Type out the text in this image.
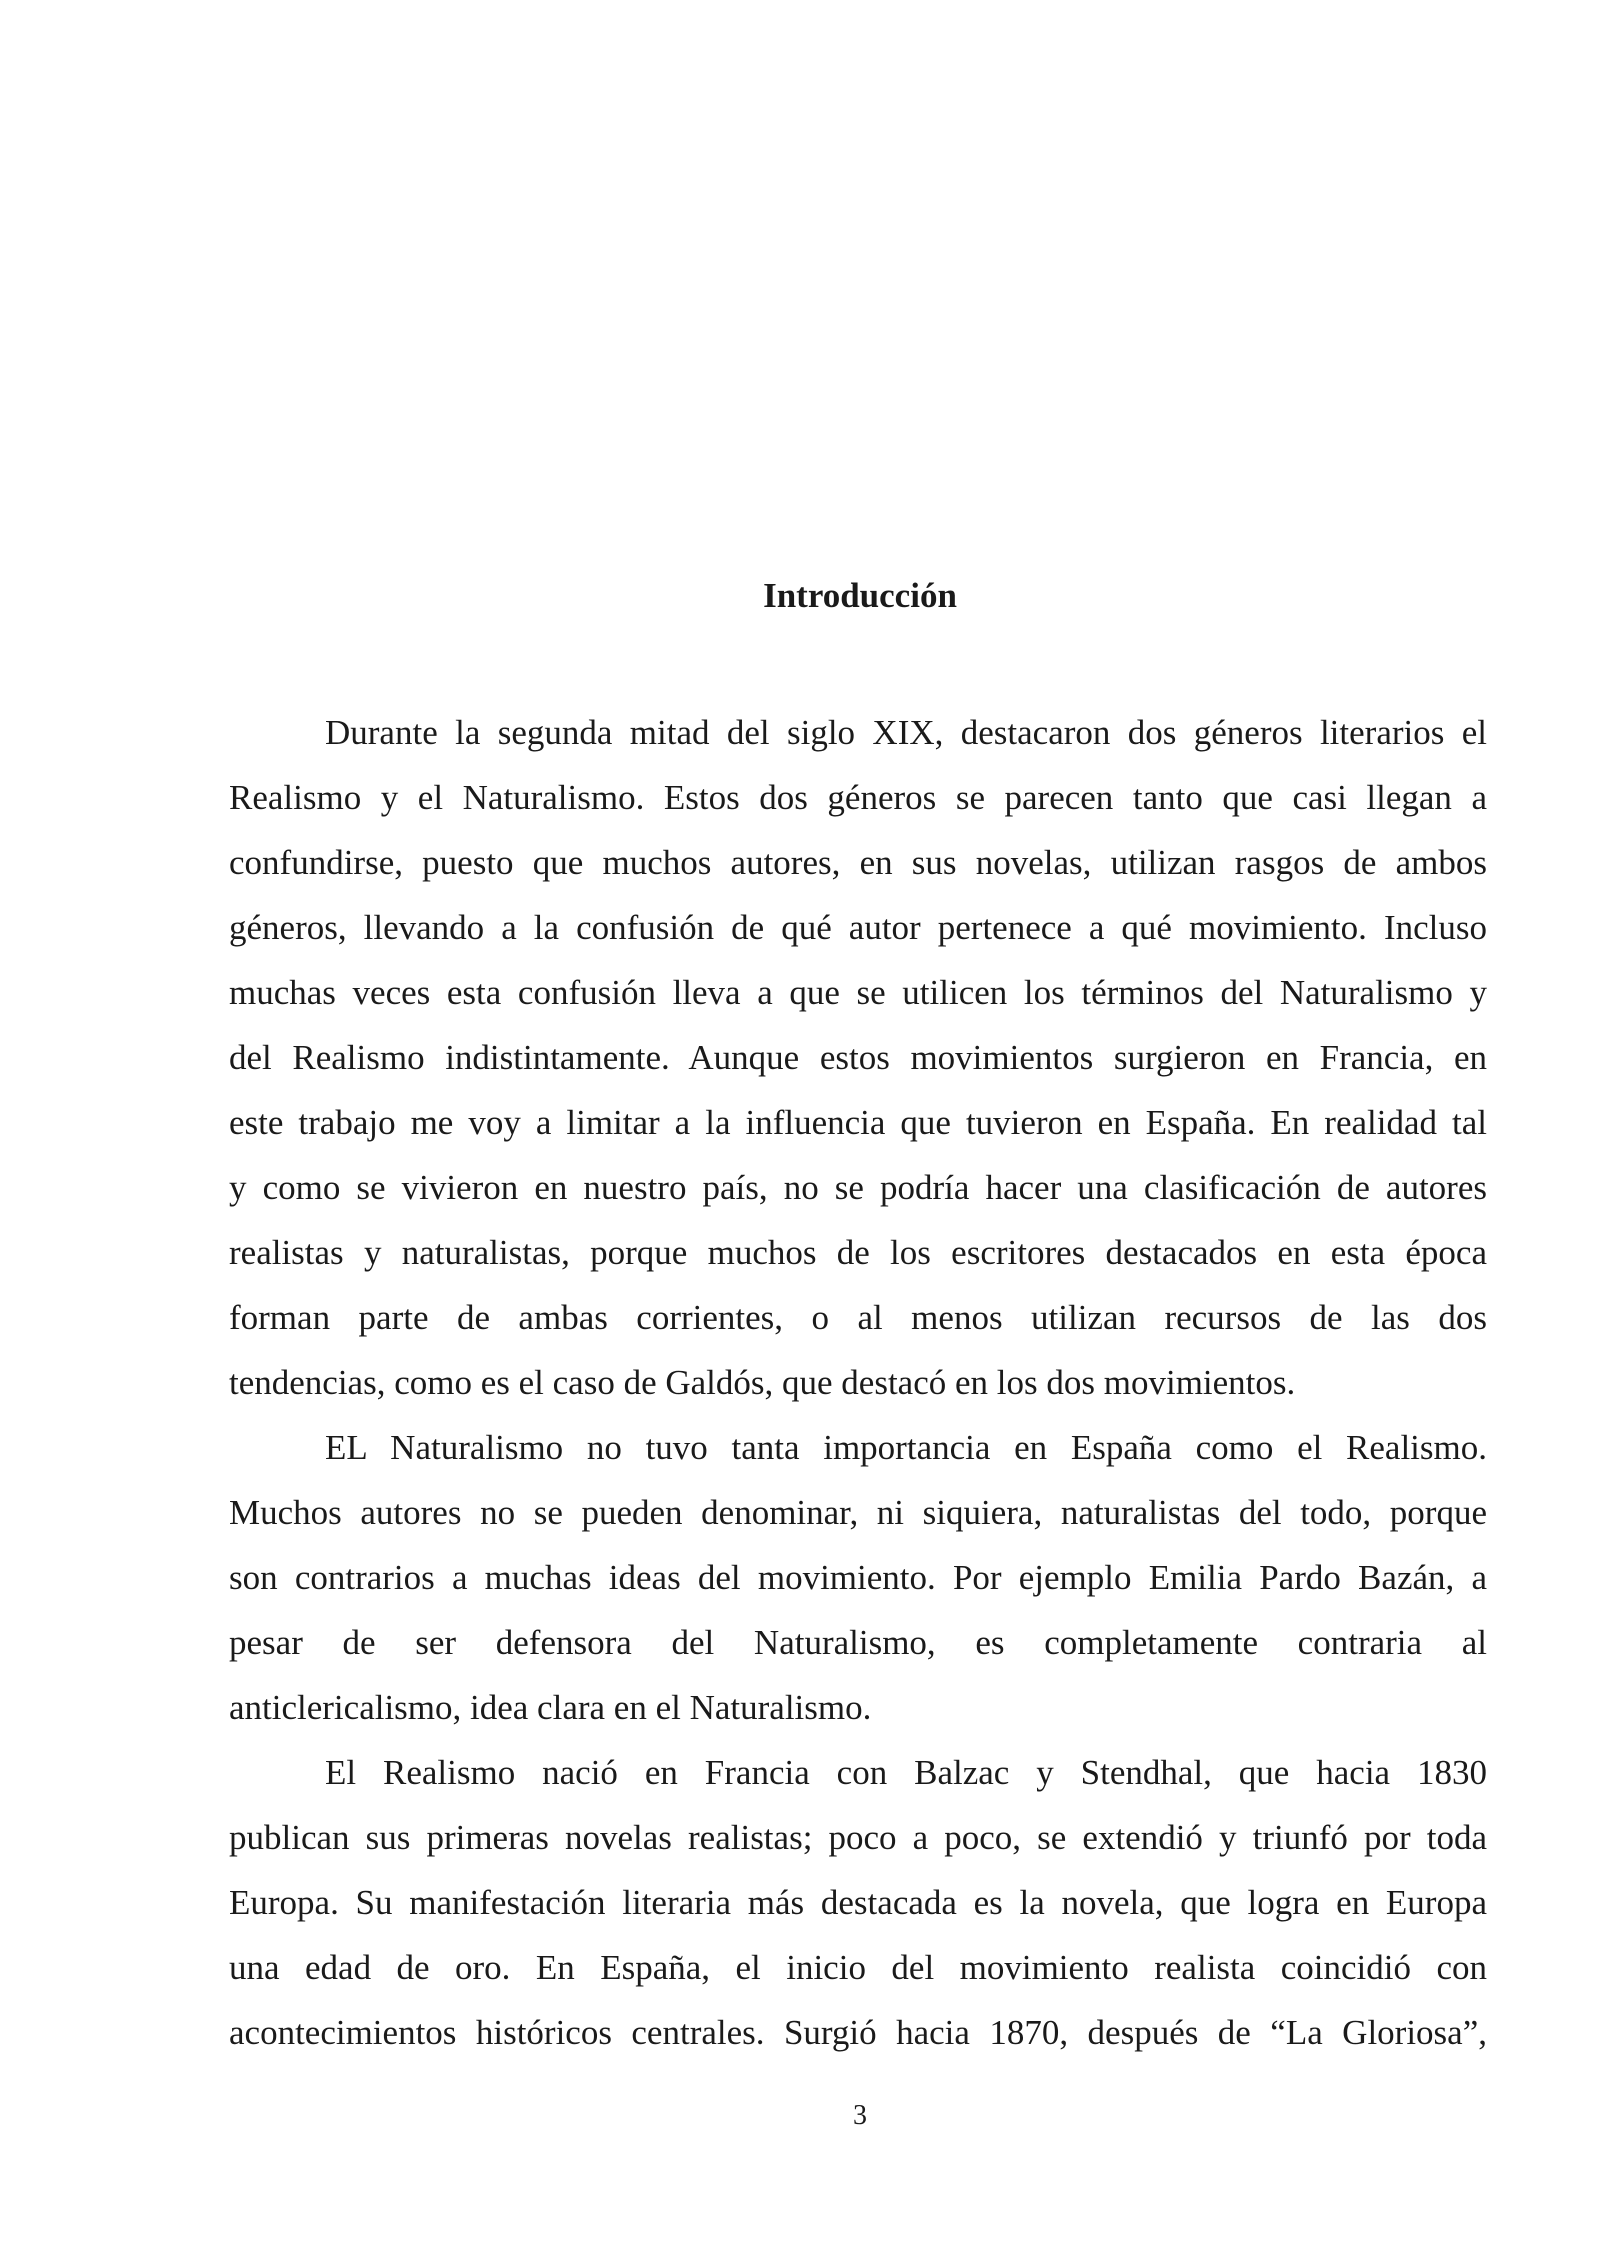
Introducción
Durante la segunda mitad del siglo XIX, destacaron dos géneros literarios el
Realismo y el Naturalismo. Estos dos géneros se parecen tanto que casi llegan a
confundirse, puesto que muchos autores, en sus novelas, utilizan rasgos de ambos
géneros, llevando a la confusión de qué autor pertenece a qué movimiento. Incluso
muchas veces esta confusión lleva a que se utilicen los términos del Naturalismo y
del Realismo indistintamente. Aunque estos movimientos surgieron en Francia, en
este trabajo me voy a limitar a la influencia que tuvieron en España. En realidad tal
y como se vivieron en nuestro país, no se podría hacer una clasificación de autores
realistas y naturalistas, porque muchos de los escritores destacados en esta época
forman parte de ambas corrientes, o al menos utilizan recursos de las dos
tendencias, como es el caso de Galdós, que destacó en los dos movimientos.
EL Naturalismo no tuvo tanta importancia en España como el Realismo.
Muchos autores no se pueden denominar, ni siquiera, naturalistas del todo, porque
son contrarios a muchas ideas del movimiento. Por ejemplo Emilia Pardo Bazán, a
pesar de ser defensora del Naturalismo, es completamente contraria al
anticlericalismo, idea clara en el Naturalismo.
El Realismo nació en Francia con Balzac y Stendhal, que hacia 1830
publican sus primeras novelas realistas; poco a poco, se extendió y triunfó por toda
Europa. Su manifestación literaria más destacada es la novela, que logra en Europa
una edad de oro. En España, el inicio del movimiento realista coincidió con
acontecimientos históricos centrales. Surgió hacia 1870, después de “La Gloriosa”,
3
